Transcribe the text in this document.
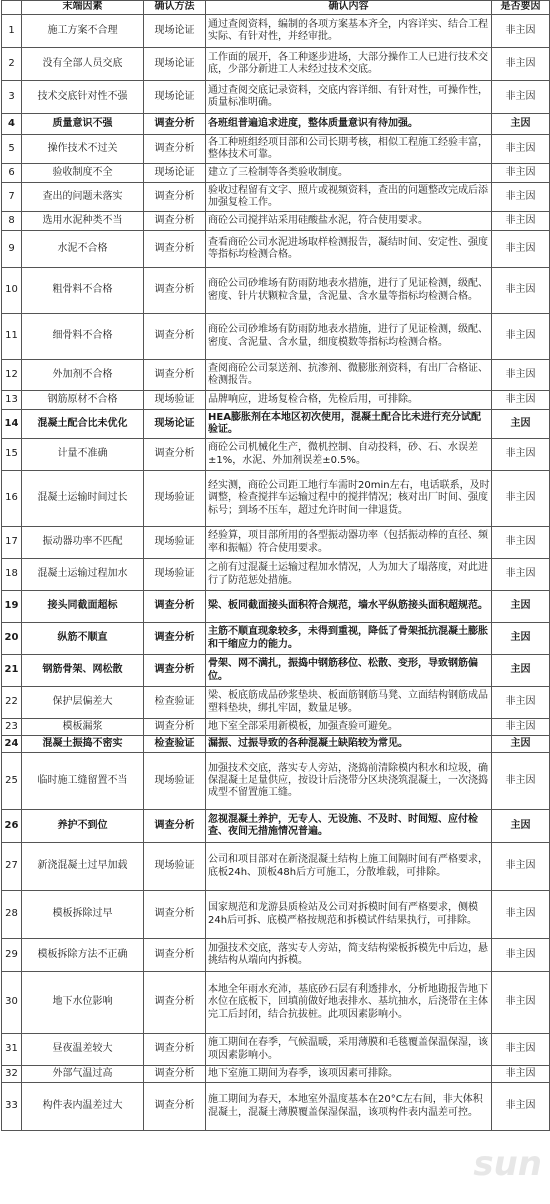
	末端因素	确认方法	确认内容	是否要因
1	施工方案不合理	现场论证	通过查阅资料，编制的各项方案基本齐全，内容详实、结合工程实际、有针对性，并经审批。	非主因
2	没有全部人员交底	现场论证	工作面的展开，各工种逐步进场，大部分操作工人已进行技术交底，少部分新进工人未经过技术交底。	非主因
3	技术交底针对性不强	现场论证	通过查阅交底记录资料，交底内容详细、有针对性，可操作性，质量标准明确。	非主因
4	质量意识不强	调查分析	各班组普遍追求进度，整体质量意识有待加强。	主因
5	操作技术不过关	调查分析	各工种班组经项目部和公司长期考核，相似工程施工经验丰富，整体技术可靠。	非主因
6	验收制度不全	现场论证	建立了三检制等各类验收制度。	非主因
7	查出的问题未落实	调查分析	验收过程留有文字、照片或视频资料，查出的问题整改完成后添加强复检工作。	非主因
8	选用水泥种类不当	调查分析	商砼公司搅拌站采用硅酸盐水泥，符合使用要求。	非主因
9	水泥不合格	调查分析	查看商砼公司水泥进场取样检测报告，凝结时间、安定性、强度等指标均检测合格。	非主因
10	粗骨料不合格	调查分析	商砼公司砂堆场有防雨防地表水措施，进行了见证检测，级配、密度、针片状颗粒含量，含泥量、含水量等指标均检测合格。	非主因
11	细骨料不合格	调查分析	商砼公司砂堆场有防雨防地表水措施，进行了见证检测，级配、密度、含泥量、含水量，细度模数等指标均检测合格。	非主因
12	外加剂不合格	调查分析	查阅商砼公司泵送剂、抗渗剂、微膨胀剂资料，有出厂合格证、检测报告。	非主因
13	钢筋原材不合格	现场验证	品牌响应，进场复检合格，先检后用，可排除。	非主因
14	混凝土配合比未优化	现场论证	HEA膨胀剂在本地区初次使用，混凝土配合比未进行充分试配验证。	主因
15	计量不准确	调查分析	商砼公司机械化生产，微机控制、自动投料，砂、石、水误差±1%，水泥、外加剂误差±0.5%。	非主因
16	混凝土运输时间过长	现场验证	经实测，商砼公司距工地行车需时20min左右，电话联系，及时调整，检查搅拌车运输过程中的搅拌情况；核对出厂时间、强度标号；到场不压车，超过允许时间一律退货。	非主因
17	振动器功率不匹配	现场验证	经验算，项目部所用的各型振动器功率（包括振动棒的直径、频率和振幅）符合使用要求。	非主因
18	混凝土运输过程加水	现场验证	之前有过混凝土运输过程加水情况，人为加大了塌落度，对此进行了防范惩处措施。	非主因
19	接头同截面超标	调查分析	梁、板同截面接头面积符合规范，墙水平纵筋接头面积超规范。	主因
20	纵筋不顺直	调查分析	主筋不顺直现象较多，未得到重视，降低了骨架抵抗混凝土膨胀和干缩应力的能力。	主因
21	钢筋骨架、网松散	调查分析	骨架、网不满扎，振捣中钢筋移位、松散、变形，导致钢筋偏位。	主因
22	保护层偏差大	检查验证	梁、板底筋成品砂浆垫块、板面筋钢筋马凳、立面结构钢筋成品塑料垫块，绑扎牢固，数量足够。	非主因
23	模板漏浆	调查分析	地下室全部采用新模板，加强查验可避免。	非主因
24	混凝土振捣不密实	检查验证	漏振、过振导致的各种混凝土缺陷较为常见。	主因
25	临时施工缝留置不当	现场验证	加强技术交底，落实专人旁站，浇捣前清除模内积水和垃圾，确保混凝土足量供应，按设计后浇带分区块浇筑混凝土，一次浇捣成型不留置施工缝。	非主因
26	养护不到位	调查分析	忽视混凝土养护，无专人、无设施、不及时、时间短、应付检查、夜间无措施情况普遍。	主因
27	新浇混凝土过早加载	现场验证	公司和项目部对在新浇混凝土结构上施工间隔时间有严格要求，底板24h、顶板48h后方可施工，分散堆载，可排除。	非主因
28	模板拆除过早	调查分析	国家规范和龙游县质检站及公司对拆模时间有严格要求，侧模24h后可拆、底模严格按规范和拆模试件结果执行，可排除。	非主因
29	模板拆除方法不正确	调查分析	加强技术交底，落实专人旁站，简支结构梁板拆模先中后边，悬挑结构从端向内拆模。	非主因
30	地下水位影响	调查分析	本地全年雨水充沛，基底砂石层有利透排水，分析地勘报告地下水位在底板下，回填前做好地表排水、基坑抽水，后浇带在主体完工后封闭，结合抗拔桩。此项因素影响小。	非主因
31	昼夜温差较大	调查分析	施工期间在春季，气候温暖，采用薄膜和毛毯覆盖保温保湿，该项因素影响小。	非主因
32	外部气温过高	调查分析	地下室施工期间为春季，该项因素可排除。	非主因
33	构件表内温差过大	调查分析	施工期间为春天，本地室外温度基本在20°C左右间，非大体积混凝土，混凝土薄膜覆盖保湿保温，该项构件表内温差可控。	非主因
sun
